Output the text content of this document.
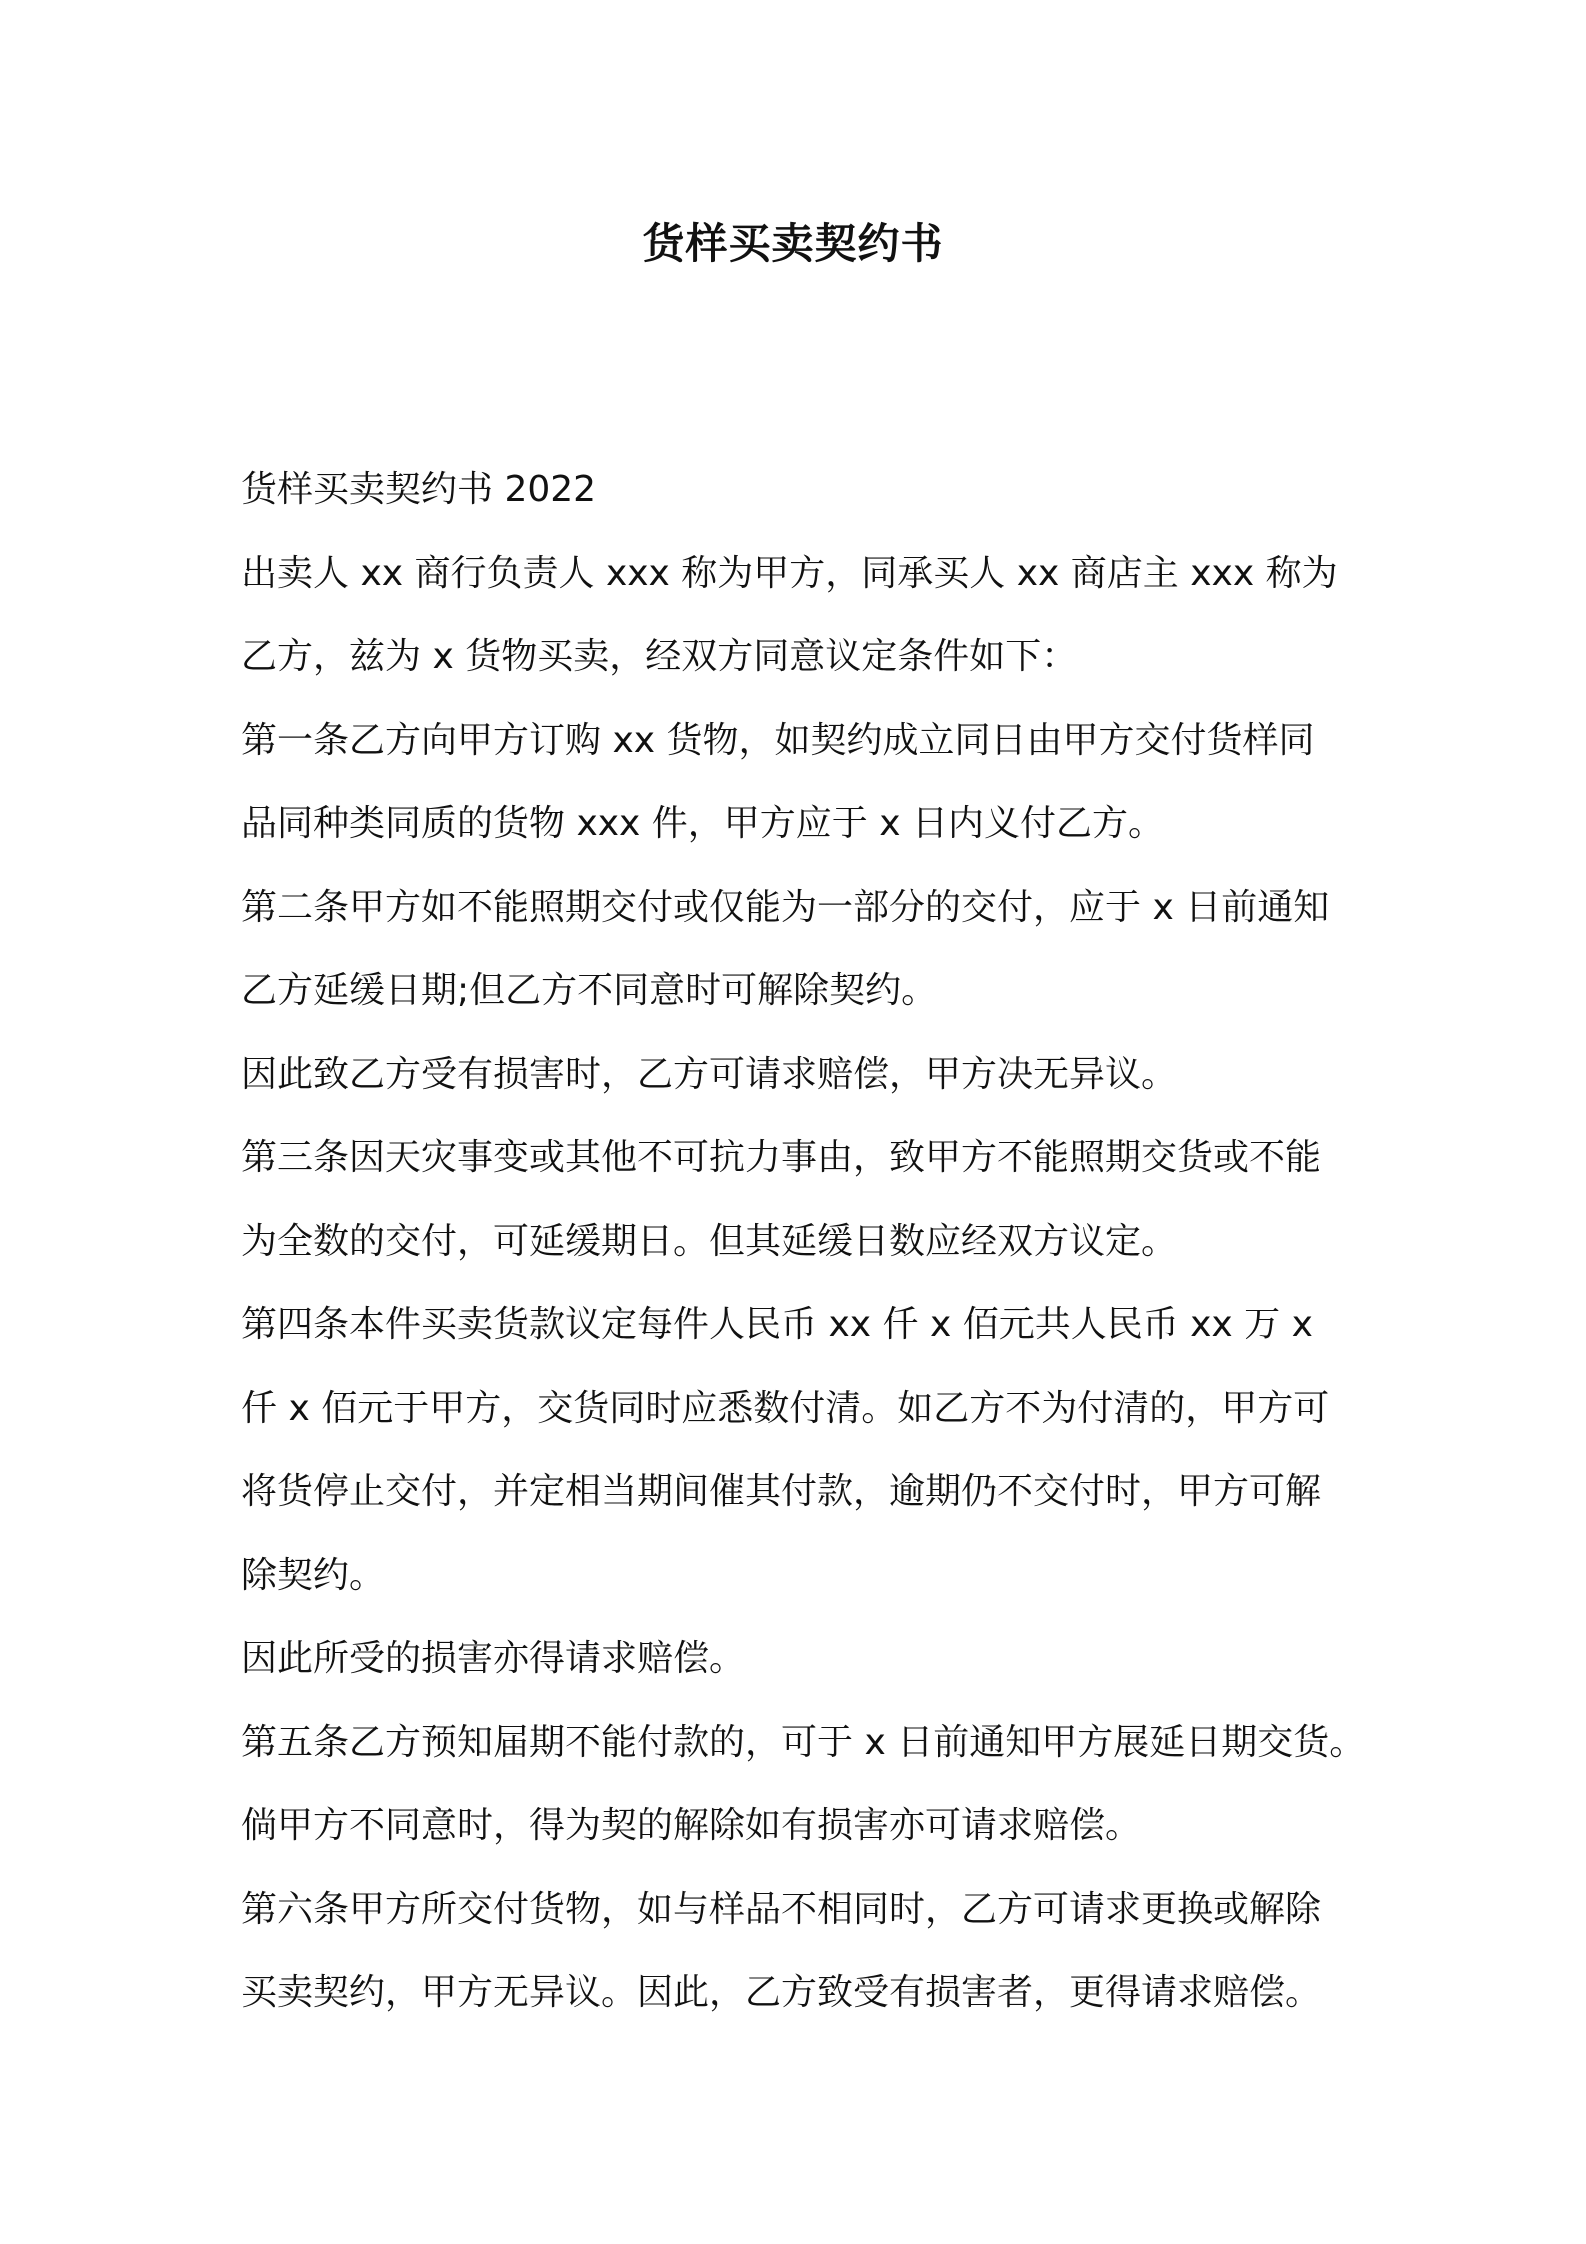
货样买卖契约书
货样买卖契约书 2022
出卖人 xx 商行负责人 xxx 称为甲方，同承买人 xx 商店主 xxx 称为
乙方，兹为 x 货物买卖，经双方同意议定条件如下：
第一条乙方向甲方订购 xx 货物，如契约成立同日由甲方交付货样同
品同种类同质的货物 xxx 件，甲方应于 x 日内义付乙方。
第二条甲方如不能照期交付或仅能为一部分的交付，应于 x 日前通知
乙方延缓日期;但乙方不同意时可解除契约。
因此致乙方受有损害时，乙方可请求赔偿，甲方决无异议。
第三条因天灾事变或其他不可抗力事由，致甲方不能照期交货或不能
为全数的交付，可延缓期日。但其延缓日数应经双方议定。
第四条本件买卖货款议定每件人民币 xx 仟 x 佰元共人民币 xx 万 x
仟 x 佰元于甲方，交货同时应悉数付清。如乙方不为付清的，甲方可
将货停止交付，并定相当期间催其付款，逾期仍不交付时，甲方可解
除契约。
因此所受的损害亦得请求赔偿。
第五条乙方预知届期不能付款的，可于 x 日前通知甲方展延日期交货。
倘甲方不同意时，得为契的解除如有损害亦可请求赔偿。
第六条甲方所交付货物，如与样品不相同时，乙方可请求更换或解除
买卖契约，甲方无异议。因此，乙方致受有损害者，更得请求赔偿。
